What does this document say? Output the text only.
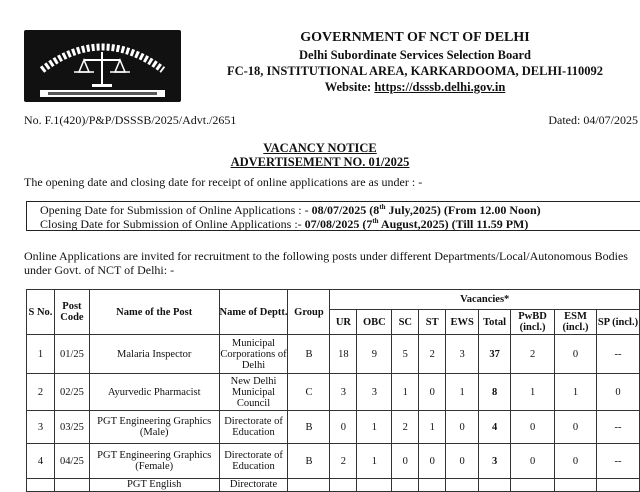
GOVERNMENT OF NCT OF DELHI
Delhi Subordinate Services Selection Board
FC-18, INSTITUTIONAL AREA, KARKARDOOMA, DELHI-110092
Website: https://dsssb.delhi.gov.in
No. F.1(420)/P&P/DSSSB/2025/Advt./2651	Dated: 04/07/2025
VACANCY NOTICE
ADVERTISEMENT NO. 01/2025
The opening date and closing date for receipt of online applications are as under : -
Opening Date for Submission of Online Applications : - 08/07/2025 (8th July,2025) (From 12.00 Noon)
Closing Date for Submission of Online Applications :- 07/08/2025 (7th August,2025) (Till 11.59 PM)
Online Applications are invited for recruitment to the following posts under different Departments/Local/Autonomous Bodies
under Govt. of NCT of Delhi: -
S No.	Post Code	Name of the Post	Name of Deptt.	Group	Vacancies*								
					UR	OBC	SC	ST	EWS	Total	PwBD (incl.)	ESM (incl.)	SP (incl.)
1	01/25	Malaria Inspector	Municipal Corporations of Delhi	B	18	9	5	2	3	37	2	0	--
2	02/25	Ayurvedic Pharmacist	New Delhi Municipal Council	C	3	3	1	0	1	8	1	1	0
3	03/25	PGT Engineering Graphics (Male)	Directorate of Education	B	0	1	2	1	0	4	0	0	--
4	04/25	PGT Engineering Graphics (Female)	Directorate of Education	B	2	1	0	0	0	3	0	0	--
		PGT English	Directorate										
